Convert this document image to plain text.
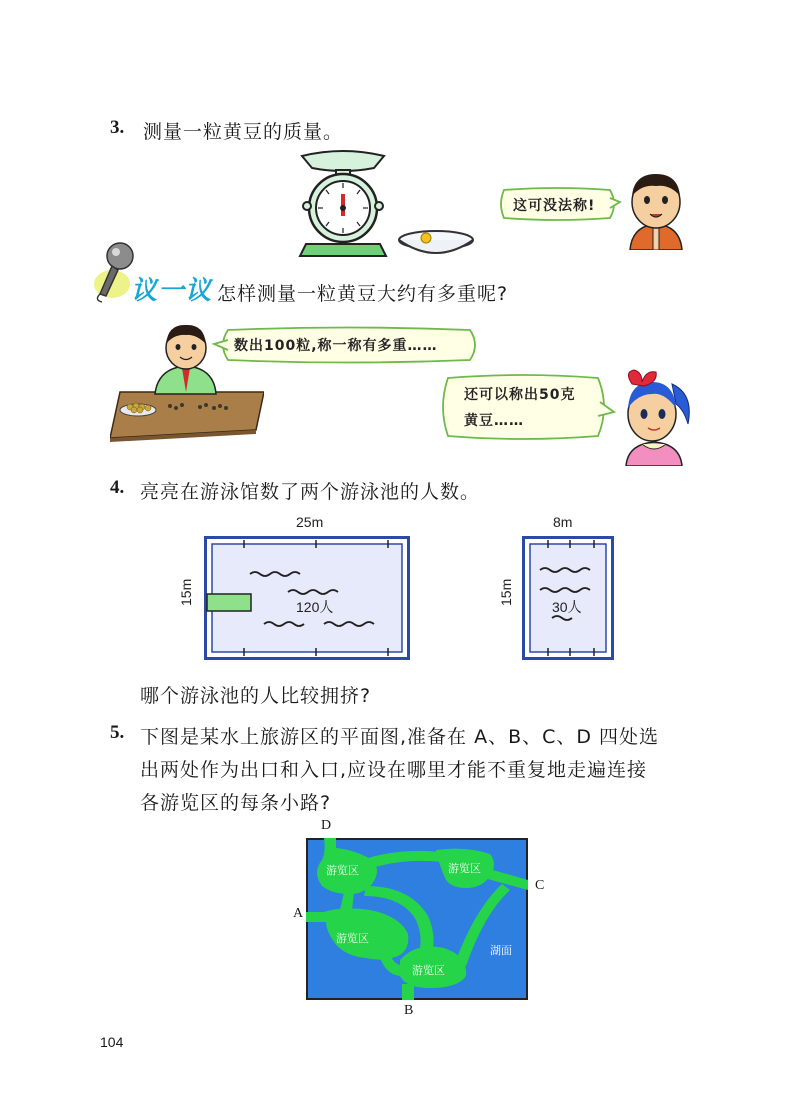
3. 测量一粒黄豆的质量。
这可没法称!
议一议 怎样测量一粒黄豆大约有多重呢?
数出100粒,称一称有多重……
还可以称出50克
黄豆……
4. 亮亮在游泳馆数了两个游泳池的人数。
25m
15m
120人
8m
15m
30人
哪个游泳池的人比较拥挤?
5. 下图是某水上旅游区的平面图,准备在 A、B、C、D 四处选
出两处作为出口和入口,应设在哪里才能不重复地走遍连接
各游览区的每条小路?
游览区	游览区
游览区
游览区
湖面
D
A
C
B
104
